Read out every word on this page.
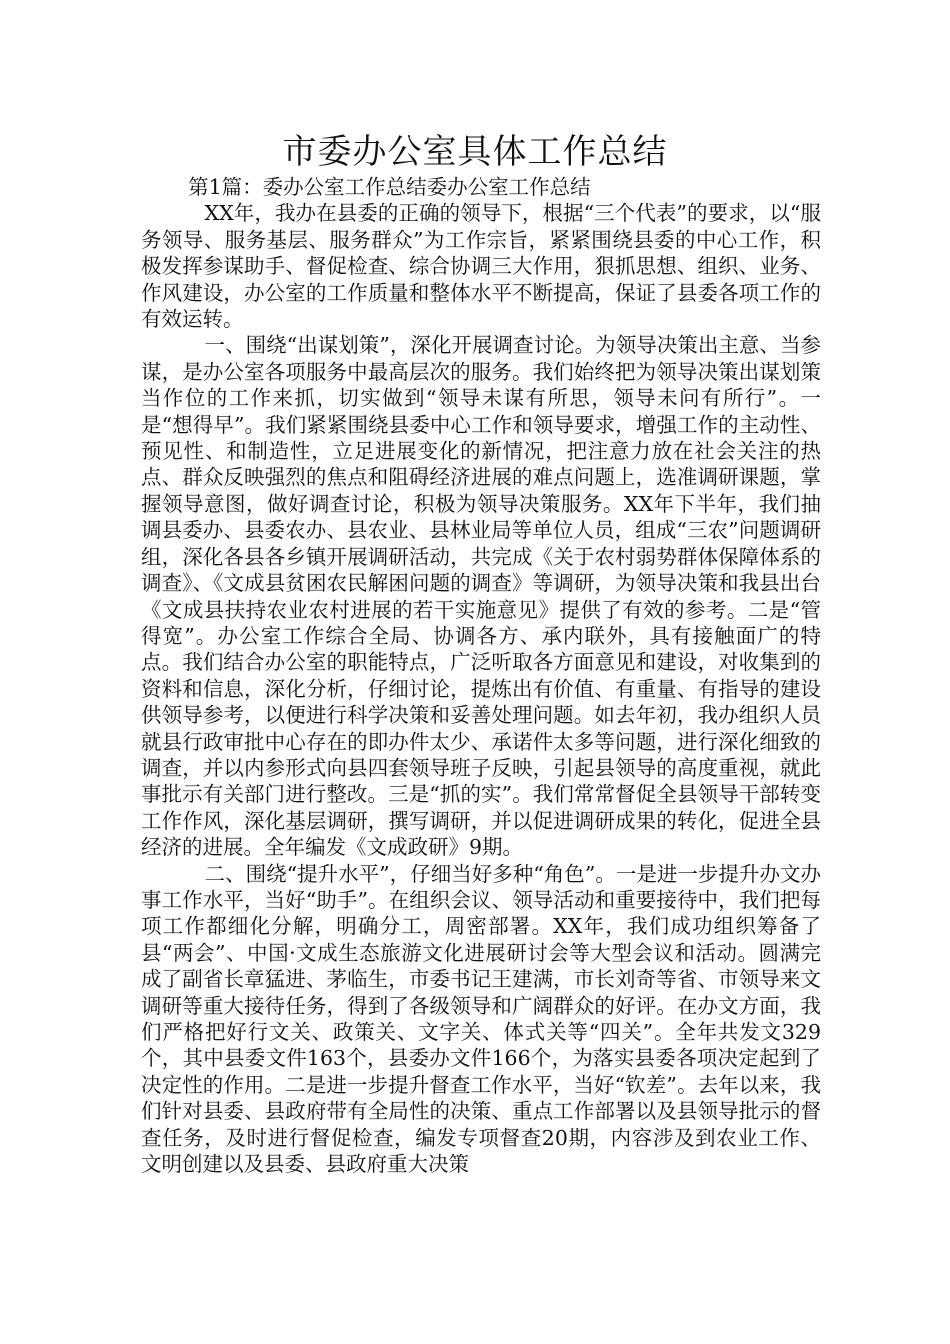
市委办公室具体工作总结

第1篇：委办公室工作总结委办公室工作总结

XX年，我办在县委的正确的领导下，根据“三个代表”的要求，以“服务领导、服务基层、服务群众”为工作宗旨，紧紧围绕县委的中心工作，积极发挥参谋助手、督促检查、综合协调三大作用，狠抓思想、组织、业务、作风建设，办公室的工作质量和整体水平不断提高，保证了县委各项工作的有效运转。

一、围绕“出谋划策”，深化开展调查讨论。为领导决策出主意、当参谋，是办公室各项服务中最高层次的服务。我们始终把为领导决策出谋划策当作位的工作来抓，切实做到“领导未谋有所思，领导未问有所行”。一是“想得早”。我们紧紧围绕县委中心工作和领导要求，增强工作的主动性、预见性、和制造性，立足进展变化的新情况，把注意力放在社会关注的热点、群众反映强烈的焦点和阻碍经济进展的难点问题上，选准调研课题，掌握领导意图，做好调查讨论，积极为领导决策服务。XX年下半年，我们抽调县委办、县委农办、县农业、县林业局等单位人员，组成“三农”问题调研组，深化各县各乡镇开展调研活动，共完成《关于农村弱势群体保障体系的调查》、《文成县贫困农民解困问题的调查》等调研，为领导决策和我县出台《文成县扶持农业农村进展的若干实施意见》提供了有效的参考。二是“管得宽”。办公室工作综合全局、协调各方、承内联外，具有接触面广的特点。我们结合办公室的职能特点，广泛听取各方面意见和建设，对收集到的资料和信息，深化分析，仔细讨论，提炼出有价值、有重量、有指导的建设供领导参考，以便进行科学决策和妥善处理问题。如去年初，我办组织人员就县行政审批中心存在的即办件太少、承诺件太多等问题，进行深化细致的调查，并以内参形式向县四套领导班子反映，引起县领导的高度重视，就此事批示有关部门进行整改。三是“抓的实”。我们常常督促全县领导干部转变工作作风，深化基层调研，撰写调研，并以促进调研成果的转化，促进全县经济的进展。全年编发《文成政研》9期。

二、围绕“提升水平”，仔细当好多种“角色”。一是进一步提升办文办事工作水平，当好“助手”。在组织会议、领导活动和重要接待中，我们把每项工作都细化分解，明确分工，周密部署。XX年，我们成功组织筹备了县“两会”、中国·文成生态旅游文化进展研讨会等大型会议和活动。圆满完成了副省长章猛进、茅临生，市委书记王建满，市长刘奇等省、市领导来文调研等重大接待任务，得到了各级领导和广阔群众的好评。在办文方面，我们严格把好行文关、政策关、文字关、体式关等“四关”。全年共发文329个，其中县委文件163个，县委办文件166个，为落实县委各项决定起到了决定性的作用。二是进一步提升督查工作水平，当好“钦差”。去年以来，我们针对县委、县政府带有全局性的决策、重点工作部署以及县领导批示的督查任务，及时进行督促检查，编发专项督查20期，内容涉及到农业工作、文明创建以及县委、县政府重大决策
